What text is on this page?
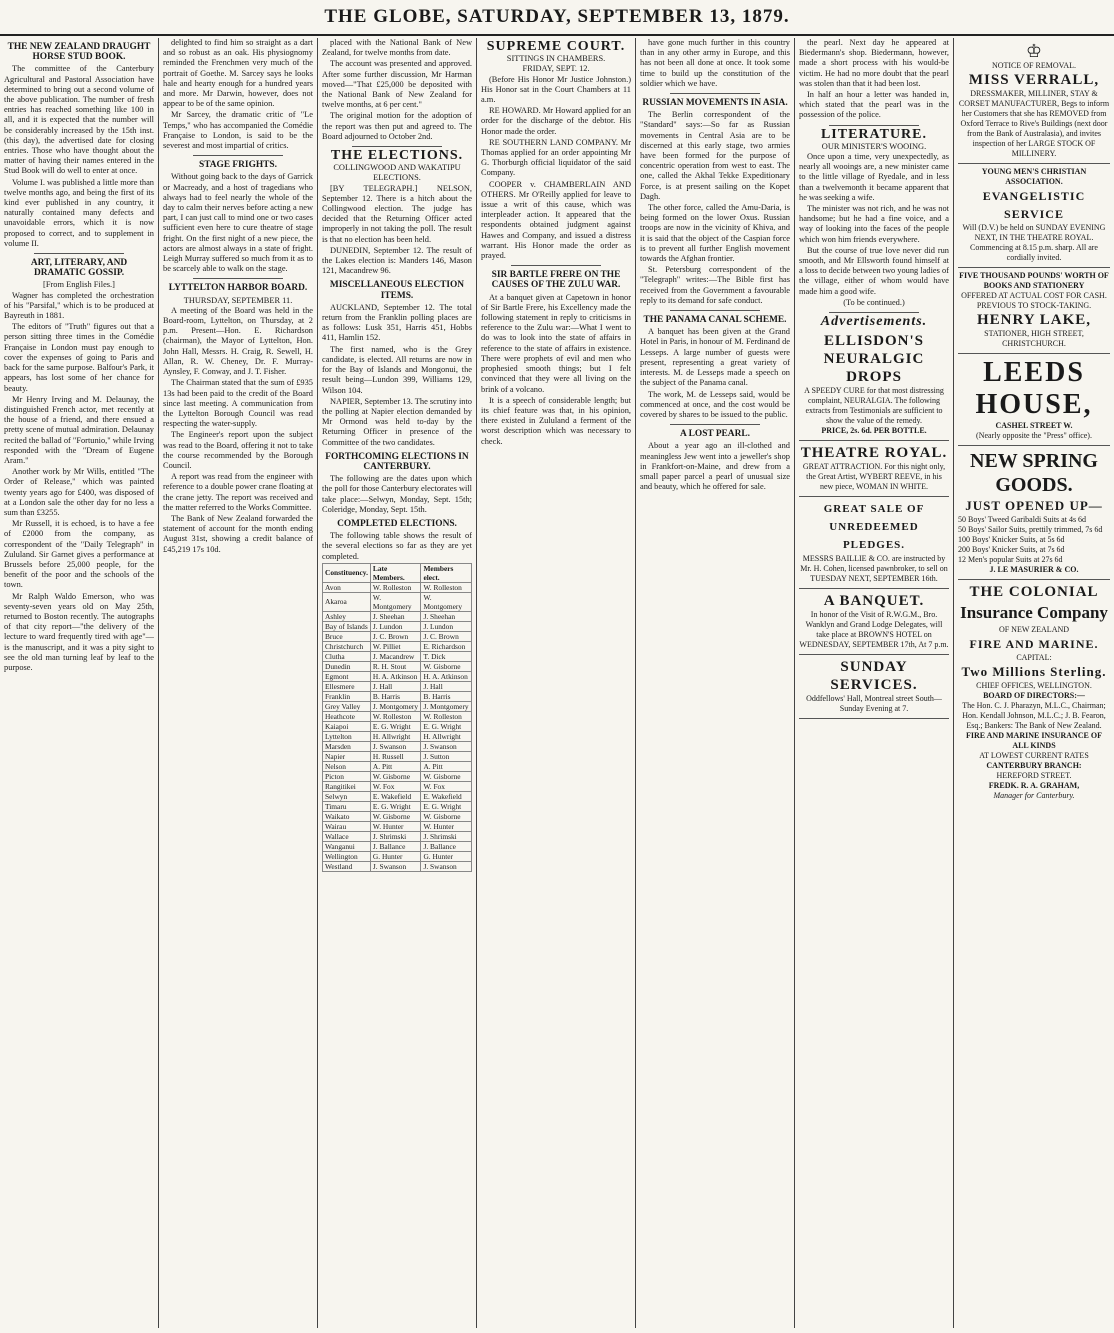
THE GLOBE, SATURDAY, SEPTEMBER 13, 1879.
THE NEW ZEALAND DRAUGHT HORSE STUD BOOK.

The committee of the Canterbury Agricultural and Pastoral Association have determined to bring out a second volume of the above publication. The number of fresh entries has reached something like 100 in all, and it is expected that the number will be considerably increased by the 15th inst. (this day), the advertised date for closing entries. Those who have thought about the matter of having their names entered in the Stud Book will do well to enter at once.

Volume I. was published a little more than twelve months ago, and being the first of its kind ever published in any country, it naturally contained many defects and unavoidable errors, which it is now proposed to correct, and to supplement in volume II.

ART, LITERARY, AND DRAMATIC GOSSIP.
[From English Files.]

Wagner has completed the orchestration of his "Parsifal," which is to be produced at Bayreuth in 1881.

The editors of "Truth" figures out that a person sitting three times in the Comédie Française in London must pay enough to cover the expenses of going to Paris and back for the same purpose. Balfour's Park, it appears, has lost some of her chance for beauty.

Mr Henry Irving and M. Delaunay, the distinguished French actor, met recently at the house of a friend, and there ensued a pretty scene of mutual admiration. Delaunay recited the ballad of "Fortunio," while Irving responded with the "Dream of Eugene Aram."

Another work by Mr Wills, entitled "The Order of Release," which was painted twenty years ago for £400, was disposed of at a London sale the other day for no less a sum than £3255.

Mr Russell, it is echoed, is to have a fee of £2000 from the company, as correspondent of the "Daily Telegraph" in Zululand. Sir Garnet gives a performance at Brussels before 25,000 people, for the benefit of the poor and the schools of the town.

Mr Ralph Waldo Emerson, who was seventy-seven years old on May 25th, returned to Boston recently. The autographs of that city report—"the delivery of the lecture to ward frequently tired with age"—is the manuscript, and it was a pity sight to see the old man turning leaf by leaf to the purpose.

delighted to find him so straight as a dart and so robust as an oak. His physiognomy reminded the Frenchmen very much of the portrait of Goethe. M. Sarcey says he looks hale and hearty enough for a hundred years and more. Mr Darwin, however, does not appear to be of the same opinion.

Mr Sarcey, the dramatic critic of "Le Temps," who has accompanied the Comédie Française to London, is said to be the severest and most impartial of critics.

STAGE FRIGHTS.

Without going back to the days of Garrick or Macready, and a host of tragedians who always had to feel nearly the whole of the day to calm their nerves before acting a new part, I can just call to mind one or two cases sufficient even here to cure theatre of stage fright. On the first night of a new piece, the actors are almost always in a state of fright. Leigh Murray suffered so much from it as to be scarcely able to walk on the stage.

LYTTELTON HARBOR BOARD.
THURSDAY, SEPTEMBER 11.

A meeting of the Board was held in the Board-room, Lyttelton, on Thursday, at 2 p.m. Present—Hon. E. Richardson (chairman), the Mayor of Lyttelton, Hon. John Hall, Messrs. H. Craig, R. Sewell, H. Allan, R. W. Cheney, Dr. F. Murray-Aynsley, F. Conway, and J. T. Fisher.

The Chairman stated that the sum of £935 13s had been paid to the credit of the Board since last meeting. A communication from the Lyttelton Borough Council was read respecting the water-supply.

The Engineer's report upon the subject was read to the Board, offering it not to take the course recommended by the Borough Council.

A report was read from the engineer with reference to a double power crane floating at the crane jetty. The report was received and the matter referred to the Works Committee.

The Bank of New Zealand forwarded the statement of account for the month ending August 31st, showing a credit balance of £45,219 17s 10d.

placed with the National Bank of New Zealand, for twelve months from date.

The account was presented and approved. After some further discussion, Mr Harman moved—"That £25,000 be deposited with the National Bank of New Zealand for twelve months, at 6 per cent."

The original motion for the adoption of the report was then put and agreed to. The Board adjourned to October 2nd.

THE ELECTIONS.
COLLINGWOOD AND WAKATIPU ELECTIONS.

[BY TELEGRAPH.] NELSON, September 12. There is a hitch about the Collingwood election. The judge has decided that the Returning Officer acted improperly in not taking the poll. The result is that no election has been held.

DUNEDIN, September 12. The result of the Lakes election is: Manders 146, Mason 121, Macandrew 96.

MISCELLANEOUS ELECTION ITEMS.

AUCKLAND, September 12. The total return from the Franklin polling places are as follows: Lusk 351, Harris 451, Hobbs 411, Hamlin 152.

The first named, who is the Grey candidate, is elected. All returns are now in for the Bay of Islands and Mongonui, the result being—Lundon 399, Williams 129, Wilson 104.

NAPIER, September 13. The scrutiny into the polling at Napier election demanded by Mr Ormond was held to-day by the Returning Officer in presence of the Committee of the two candidates.

FORTHCOMING ELECTIONS IN CANTERBURY.

The following are the dates upon which the poll for those Canterbury electorates will take place:—Selwyn, Monday, Sept. 15th; Coleridge, Monday, Sept. 15th.

COMPLETED ELECTIONS.

The following table shows the result of the several elections so far as they are yet completed.

Constituency.	Late Members.	Members elect.
Avon	W. Rolleston	W. Rolleston
Akaroa	W. Montgomery	W. Montgomery
Ashley	J. Sheehan	J. Sheehan
Bay of Islands	J. Lundon	J. Lundon
Bruce	J. C. Brown	J. C. Brown
Christchurch	W. Pilliet	E. Richardson
Clutha	J. Macandrew	T. Dick
Dunedin	R. H. Stout	W. Gisborne
Egmont	H. A. Atkinson	H. A. Atkinson
Ellesmere	J. Hall	J. Hall
Franklin	B. Harris	B. Harris
Grey Valley	J. Montgomery	J. Montgomery
Heathcote	W. Rolleston	W. Rolleston
Kaiapoi	E. G. Wright	E. G. Wright
Lyttelton	H. Allwright	H. Allwright
Marsden	J. Swanson	J. Swanson
Napier	H. Russell	J. Sutton
Nelson	A. Pitt	A. Pitt
Picton	W. Gisborne	W. Gisborne
Rangitikei	W. Fox	W. Fox
Selwyn	E. Wakefield	E. Wakefield
Timaru	E. G. Wright	E. G. Wright
Waikato	W. Gisborne	W. Gisborne
Wairau	W. Hunter	W. Hunter
Wallace	J. Shrimski	J. Shrimski
Wanganui	J. Ballance	J. Ballance
Wellington	G. Hunter	G. Hunter
Westland	J. Swanson	J. Swanson
SUPREME COURT.
SITTINGS IN CHAMBERS.
FRIDAY, SEPT. 12.

(Before His Honor Mr Justice Johnston.) His Honor sat in the Court Chambers at 11 a.m.

RE HOWARD. Mr Howard applied for an order for the discharge of the debtor. His Honor made the order.

RE SOUTHERN LAND COMPANY. Mr Thomas applied for an order appointing Mr G. Thorburgh official liquidator of the said Company.

COOPER v. CHAMBERLAIN AND OTHERS. Mr O'Reilly applied for leave to issue a writ of this cause, which was interpleader action. It appeared that the respondents obtained judgment against Hawes and Company, and issued a distress warrant. His Honor made the order as prayed.

SIR BARTLE FRERE ON THE CAUSES OF THE ZULU WAR.

At a banquet given at Capetown in honor of Sir Bartle Frere, his Excellency made the following statement in reply to criticisms in reference to the Zulu war:—What I went to do was to look into the state of affairs in reference to the state of affairs in existence. There were prophets of evil and men who prophesied smooth things; but I felt convinced that they were all living on the brink of a volcano.

It is a speech of considerable length; but its chief feature was that, in his opinion, there existed in Zululand a ferment of the worst description which was necessary to check.

have gone much further in this country than in any other army in Europe, and this has not been all done at once. It took some time to build up the constitution of the soldier which we have.

RUSSIAN MOVEMENTS IN ASIA.

The Berlin correspondent of the "Standard" says:—So far as Russian movements in Central Asia are to be discerned at this early stage, two armies have been formed for the purpose of concentric operation from west to east. The one, called the Akhal Tekke Expeditionary Force, is at present sailing on the Kopet Dagh.

The other force, called the Amu-Daria, is being formed on the lower Oxus. Russian troops are now in the vicinity of Khiva, and it is said that the object of the Caspian force is to prevent all further English movement towards the Afghan frontier.

St. Petersburg correspondent of the "Telegraph" writes:—The Bible first has received from the Government a favourable reply to its demand for safe conduct.

THE PANAMA CANAL SCHEME.

A banquet has been given at the Grand Hotel in Paris, in honour of M. Ferdinand de Lesseps. A large number of guests were present, representing a great variety of interests. M. de Lesseps made a speech on the subject of the Panama canal.

The work, M. de Lesseps said, would be commenced at once, and the cost would be covered by shares to be issued to the public.

A LOST PEARL.

About a year ago an ill-clothed and meaningless Jew went into a jeweller's shop in Frankfort-on-Maine, and drew from a small paper parcel a pearl of unusual size and beauty, which he offered for sale.

the pearl. Next day he appeared at Biedermann's shop. Biedermann, however, made a short process with his would-be victim. He had no more doubt that the pearl was stolen than that it had been lost.

In half an hour a letter was handed in, which stated that the pearl was in the possession of the police.

LITERATURE.
OUR MINISTER'S WOOING.

Once upon a time, very unexpectedly, as nearly all wooings are, a new minister came to the little village of Ryedale, and in less than a twelvemonth it became apparent that he was seeking a wife.

The minister was not rich, and he was not handsome; but he had a fine voice, and a way of looking into the faces of the people which won him friends everywhere.

But the course of true love never did run smooth, and Mr Ellsworth found himself at a loss to decide between two young ladies of the village, either of whom would have made him a good wife.

(To be continued.)
Advertisements.
ELLISDON'S NEURALGIC DROPS
A SPEEDY CURE for that most distressing complaint, NEURALGIA. The following extracts from Testimonials are sufficient to show the value of the remedy.
PRICE, 2s. 6d. PER BOTTLE.
THEATRE ROYAL.
GREAT ATTRACTION. For this night only, the Great Artist, WYBERT REEVE, in his new piece, WOMAN IN WHITE.
GREAT SALE OF UNREDEEMED PLEDGES.
MESSRS BAILLIE & CO. are instructed by Mr. H. Cohen, licensed pawnbroker, to sell on TUESDAY NEXT, SEPTEMBER 16th.
A BANQUET.
In honor of the Visit of R.W.G.M., Bro. Wanklyn and Grand Lodge Delegates, will take place at BROWN'S HOTEL on WEDNESDAY, SEPTEMBER 17th, At 7 p.m.
SUNDAY SERVICES.
Oddfellows' Hall, Montreal street South—Sunday Evening at 7.
♔
NOTICE OF REMOVAL.
MISS VERRALL,
DRESSMAKER, MILLINER, STAY & CORSET MANUFACTURER, Begs to inform her Customers that she has REMOVED from Oxford Terrace to Rive's Buildings (next door from the Bank of Australasia), and invites inspection of her LARGE STOCK OF MILLINERY.
YOUNG MEN'S CHRISTIAN ASSOCIATION.
EVANGELISTIC SERVICE
Will (D.V.) be held on SUNDAY EVENING NEXT, IN THE THEATRE ROYAL. Commencing at 8.15 p.m. sharp. All are cordially invited.
FIVE THOUSAND POUNDS' WORTH OF BOOKS AND STATIONERY
OFFERED AT ACTUAL COST FOR CASH. PREVIOUS TO STOCK-TAKING.
HENRY LAKE,
STATIONER, HIGH STREET, CHRISTCHURCH.
LEEDS HOUSE,
CASHEL STREET W.
(Nearly opposite the "Press" office).
NEW SPRING GOODS.
JUST OPENED UP—
50 Boys' Tweed Garibaldi Suits at 4s 6d
50 Boys' Sailor Suits, prettily trimmed, 7s 6d
100 Boys' Knicker Suits, at 5s 6d
200 Boys' Knicker Suits, at 7s 6d
12 Men's popular Suits at 27s 6d
J. LE MASURIER & CO.
THE COLONIAL
Insurance Company
OF NEW ZEALAND
FIRE AND MARINE.
CAPITAL:
Two Millions Sterling.
CHIEF OFFICES, WELLINGTON.
BOARD OF DIRECTORS:—
The Hon. C. J. Pharazyn, M.L.C., Chairman; Hon. Kendall Johnson, M.L.C.; J. B. Fearon, Esq.; Bankers: The Bank of New Zealand.
FIRE AND MARINE INSURANCE OF ALL KINDS
AT LOWEST CURRENT RATES
CANTERBURY BRANCH:
HEREFORD STREET.
FREDK. R. A. GRAHAM,
Manager for Canterbury.
